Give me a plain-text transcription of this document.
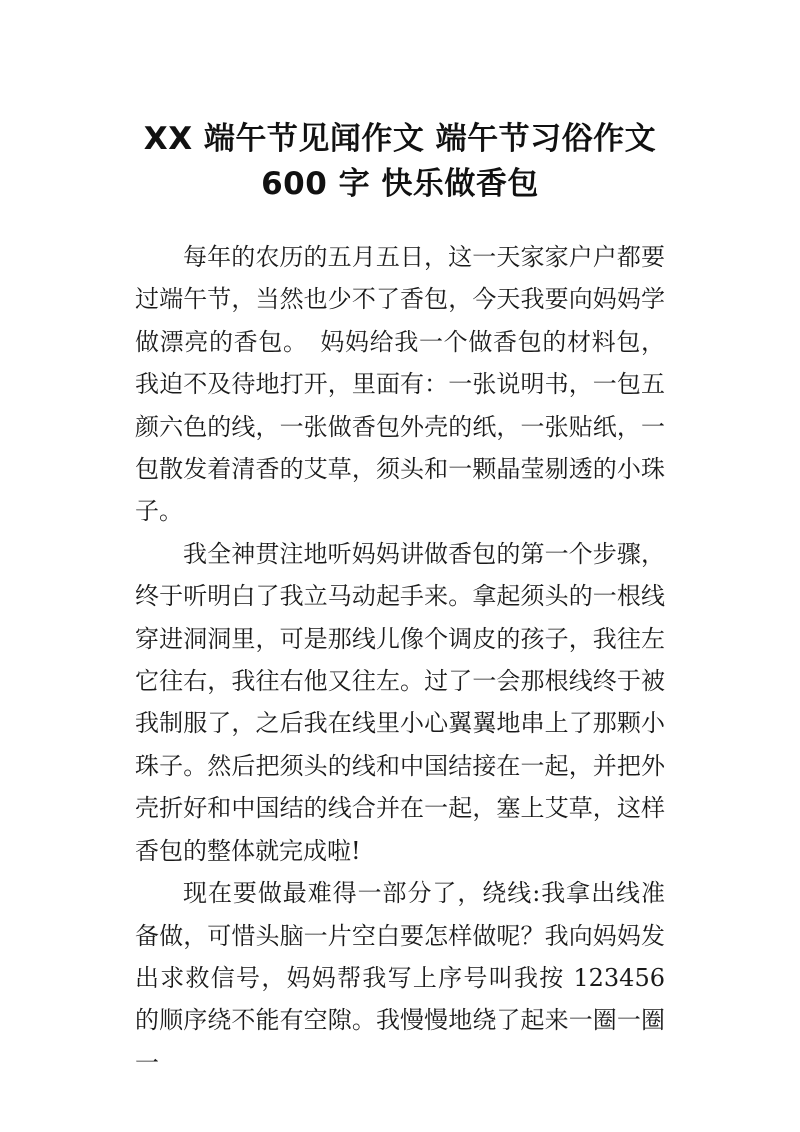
XX 端午节见闻作文 端午节习俗作文
600 字 快乐做香包

每年的农历的五月五日，这一天家家户户都要过端午节，当然也少不了香包，今天我要向妈妈学做漂亮的香包。　妈妈给我一个做香包的材料包，我迫不及待地打开，里面有：一张说明书，一包五颜六色的线，一张做香包外壳的纸，一张贴纸，一包散发着清香的艾草，须头和一颗晶莹剔透的小珠子。

我全神贯注地听妈妈讲做香包的第一个步骤，终于听明白了我立马动起手来。拿起须头的一根线穿进洞洞里，可是那线儿像个调皮的孩子，我往左它往右，我往右他又往左。过了一会那根线终于被我制服了，之后我在线里小心翼翼地串上了那颗小珠子。然后把须头的线和中国结接在一起，并把外壳折好和中国结的线合并在一起，塞上艾草，这样香包的整体就完成啦!

现在要做最难得一部分了，绕线:我拿出线准备做，可惜头脑一片空白要怎样做呢？我向妈妈发出求救信号，妈妈帮我写上序号叫我按 123456 的顺序绕不能有空隙。我慢慢地绕了起来一圈一圈一
